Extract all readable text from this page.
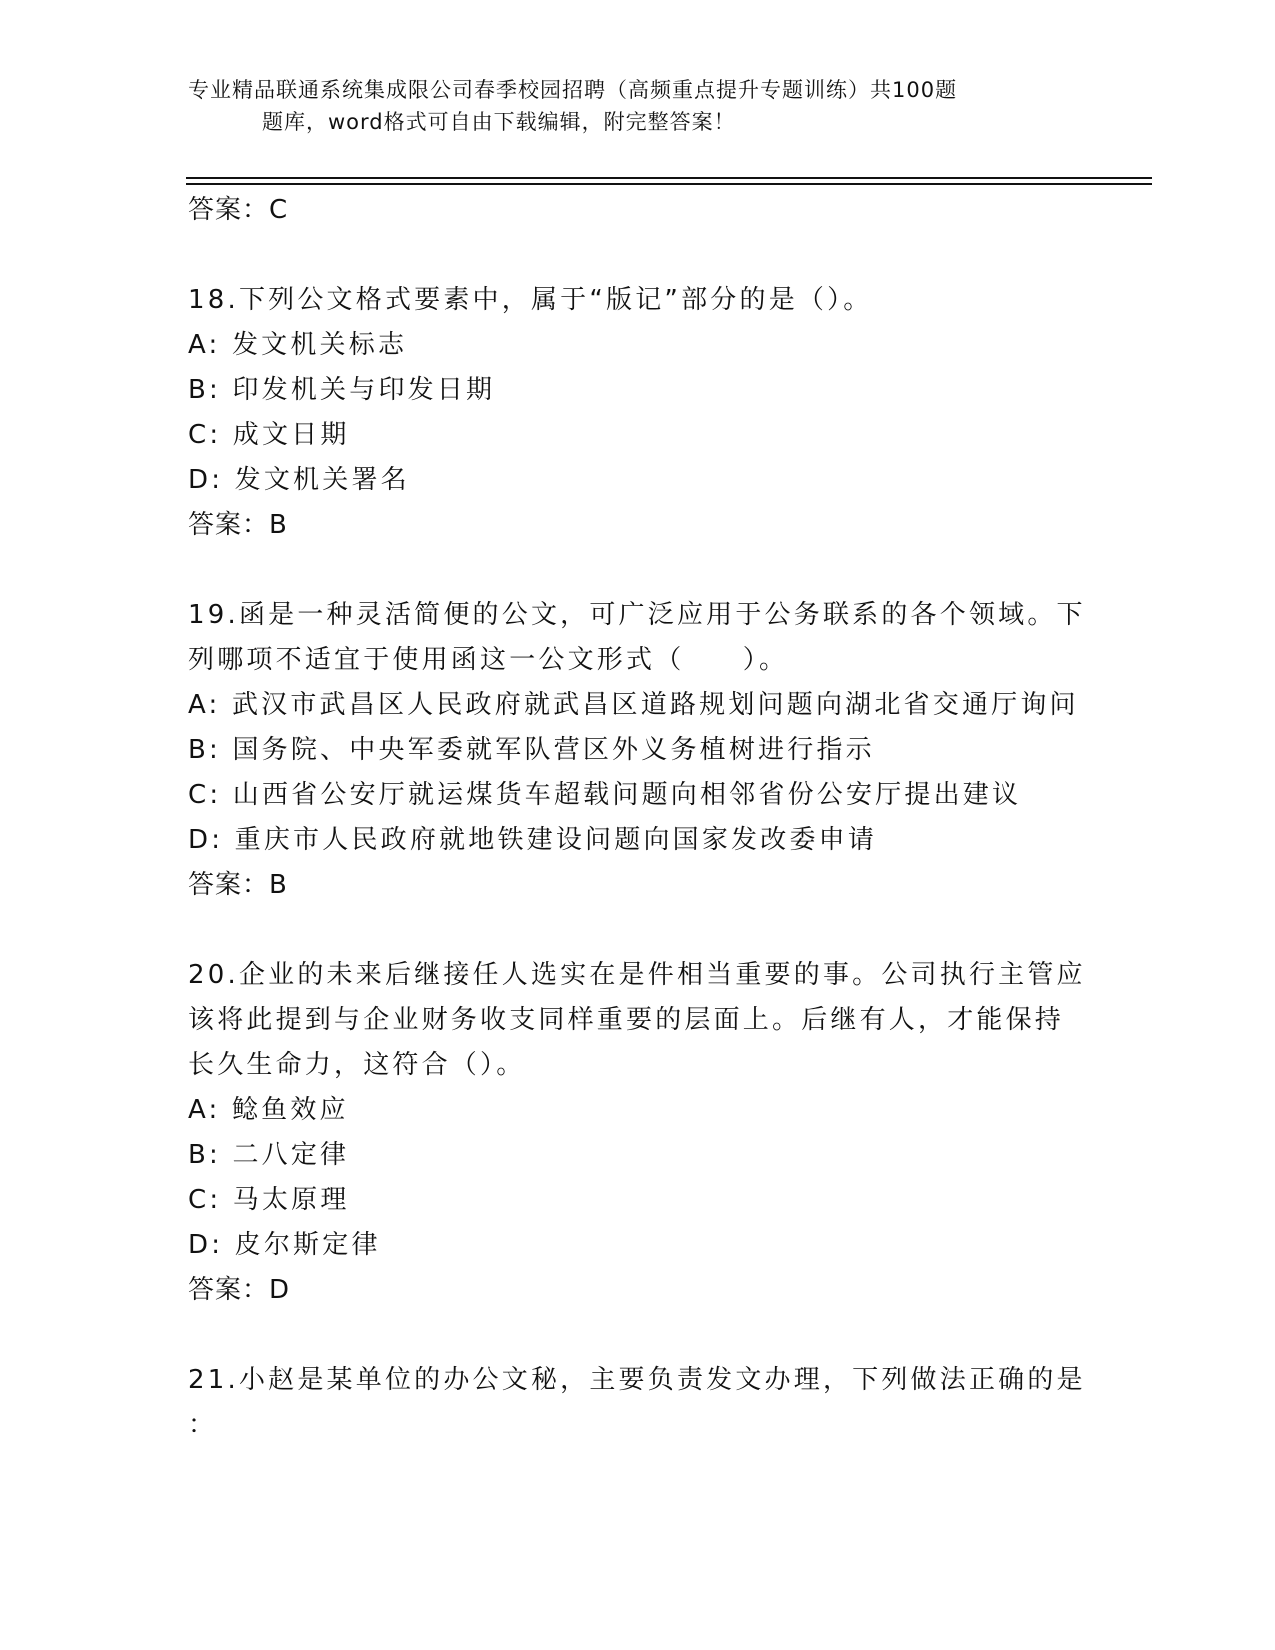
专业精品联通系统集成限公司春季校园招聘（高频重点提升专题训练）共100题
题库，word格式可自由下载编辑，附完整答案！
答案：C
18.下列公文格式要素中，属于“版记”部分的是（）。
A: 发文机关标志
B: 印发机关与印发日期
C: 成文日期
D: 发文机关署名
答案：B
19.函是一种灵活简便的公文，可广泛应用于公务联系的各个领域。下
列哪项不适宜于使用函这一公文形式（　　）。
A: 武汉市武昌区人民政府就武昌区道路规划问题向湖北省交通厅询问
B: 国务院、中央军委就军队营区外义务植树进行指示
C: 山西省公安厅就运煤货车超载问题向相邻省份公安厅提出建议
D: 重庆市人民政府就地铁建设问题向国家发改委申请
答案：B
20.企业的未来后继接任人选实在是件相当重要的事。公司执行主管应
该将此提到与企业财务收支同样重要的层面上。后继有人，才能保持
长久生命力，这符合（）。
A: 鲶鱼效应
B: 二八定律
C: 马太原理
D: 皮尔斯定律
答案：D
21.小赵是某单位的办公文秘，主要负责发文办理，下列做法正确的是
：
